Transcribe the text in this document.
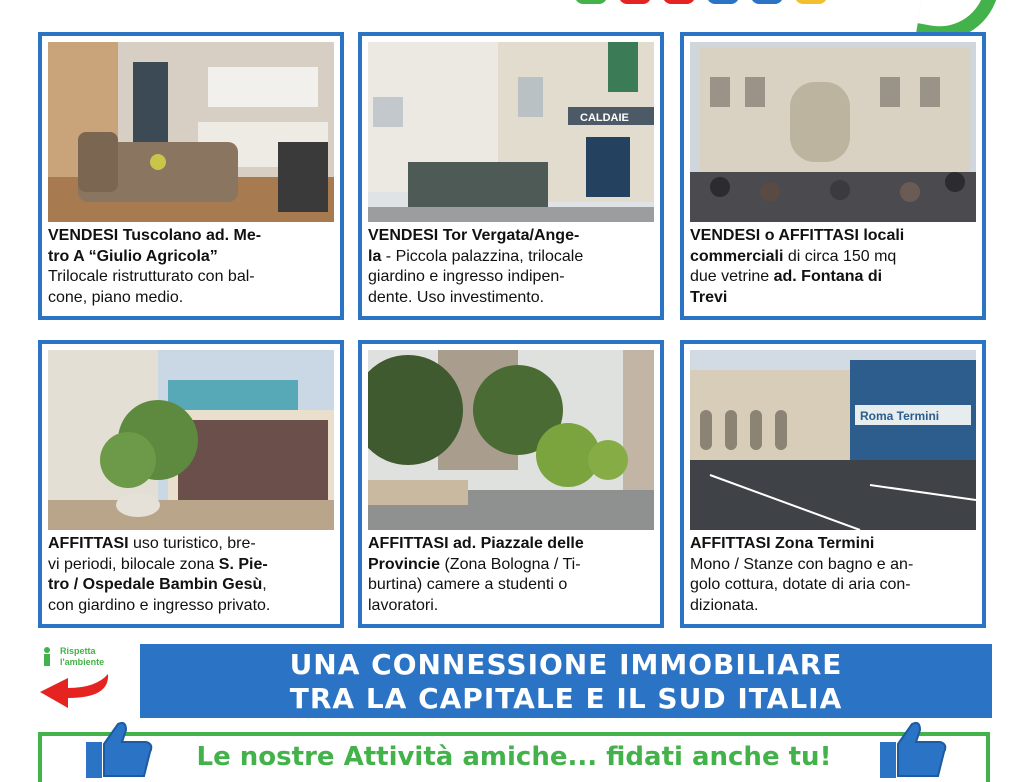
VENDESI Tuscolano ad. Me-
tro A “Giulio Agricola”
Trilocale ristrutturato con bal-
cone, piano medio.
CALDAIE
VENDESI Tor Vergata/Ange-
la - Piccola palazzina, trilocale
giardino e ingresso indipen-
dente. Uso investimento.
VENDESI o AFFITTASI locali
commerciali di circa 150 mq
due vetrine ad. Fontana di
Trevi
AFFITTASI uso turistico, bre-
vi periodi, bilocale zona S. Pie-
tro / Ospedale Bambin Gesù,
con giardino e ingresso privato.
AFFITTASI ad. Piazzale delle
Provincie (Zona Bologna / Ti-
burtina) camere a studenti o
lavoratori.
Roma Termini
AFFITTASI Zona Termini
Mono / Stanze con bagno e an-
golo cottura, dotate di aria con-
dizionata.
Rispetta
l'ambiente	UNA CONNESSIONE IMMOBILIARE
TRA LA CAPITALE E IL SUD ITALIA
Le nostre Attività amiche... fidati anche tu!
